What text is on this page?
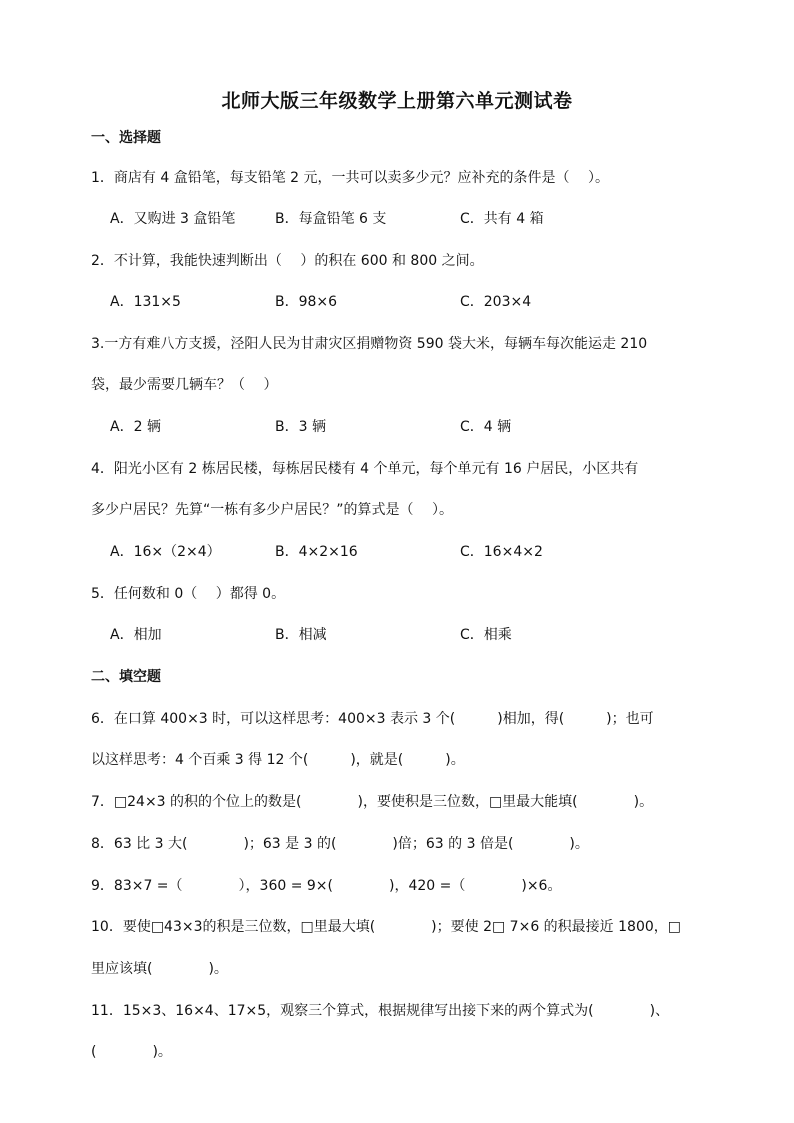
北师大版三年级数学上册第六单元测试卷
一、选择题
1．商店有 4 盒铅笔，每支铅笔 2 元，一共可以卖多少元？应补充的条件是（　 ）。
A．又购进 3 盒铅笔	B．每盒铅笔 6 支	C．共有 4 箱
2．不计算，我能快速判断出（　 ）的积在 600 和 800 之间。
A．131×5	B．98×6	C．203×4
3.一方有难八方支援，泾阳人民为甘肃灾区捐赠物资 590 袋大米，每辆车每次能运走 210
袋，最少需要几辆车？（　 ）
A．2 辆	B．3 辆	C．4 辆
4．阳光小区有 2 栋居民楼，每栋居民楼有 4 个单元，每个单元有 16 户居民，小区共有
多少户居民？先算“一栋有多少户居民？”的算式是（　 ）。
A．16×（2×4）	B．4×2×16	C．16×4×2
5．任何数和 0（　 ）都得 0。
A．相加	B．相减	C．相乘
二、填空题
6．在口算 400×3 时，可以这样思考：400×3 表示 3 个(　　　)相加，得(　　　)；也可
以这样思考：4 个百乘 3 得 12 个(　　　)，就是(　　　)。
7．□24×3 的积的个位上的数是(　　　　)，要使积是三位数，□里最大能填(　　　　)。
8．63 比 3 大(　　　　)；63 是 3 的(　　　　)倍；63 的 3 倍是(　　　　)。
9．83×7 =（　　　　），360 = 9×(　　　　)，420 =（　　　　)×6。
10．要使□43×3的积是三位数，□里最大填(　　　　)；要使 2□ 7×6 的积最接近 1800，□
里应该填(　　　　)。
11．15×3、16×4、17×5，观察三个算式，根据规律写出接下来的两个算式为(　　　　)、
(　　　　)。
